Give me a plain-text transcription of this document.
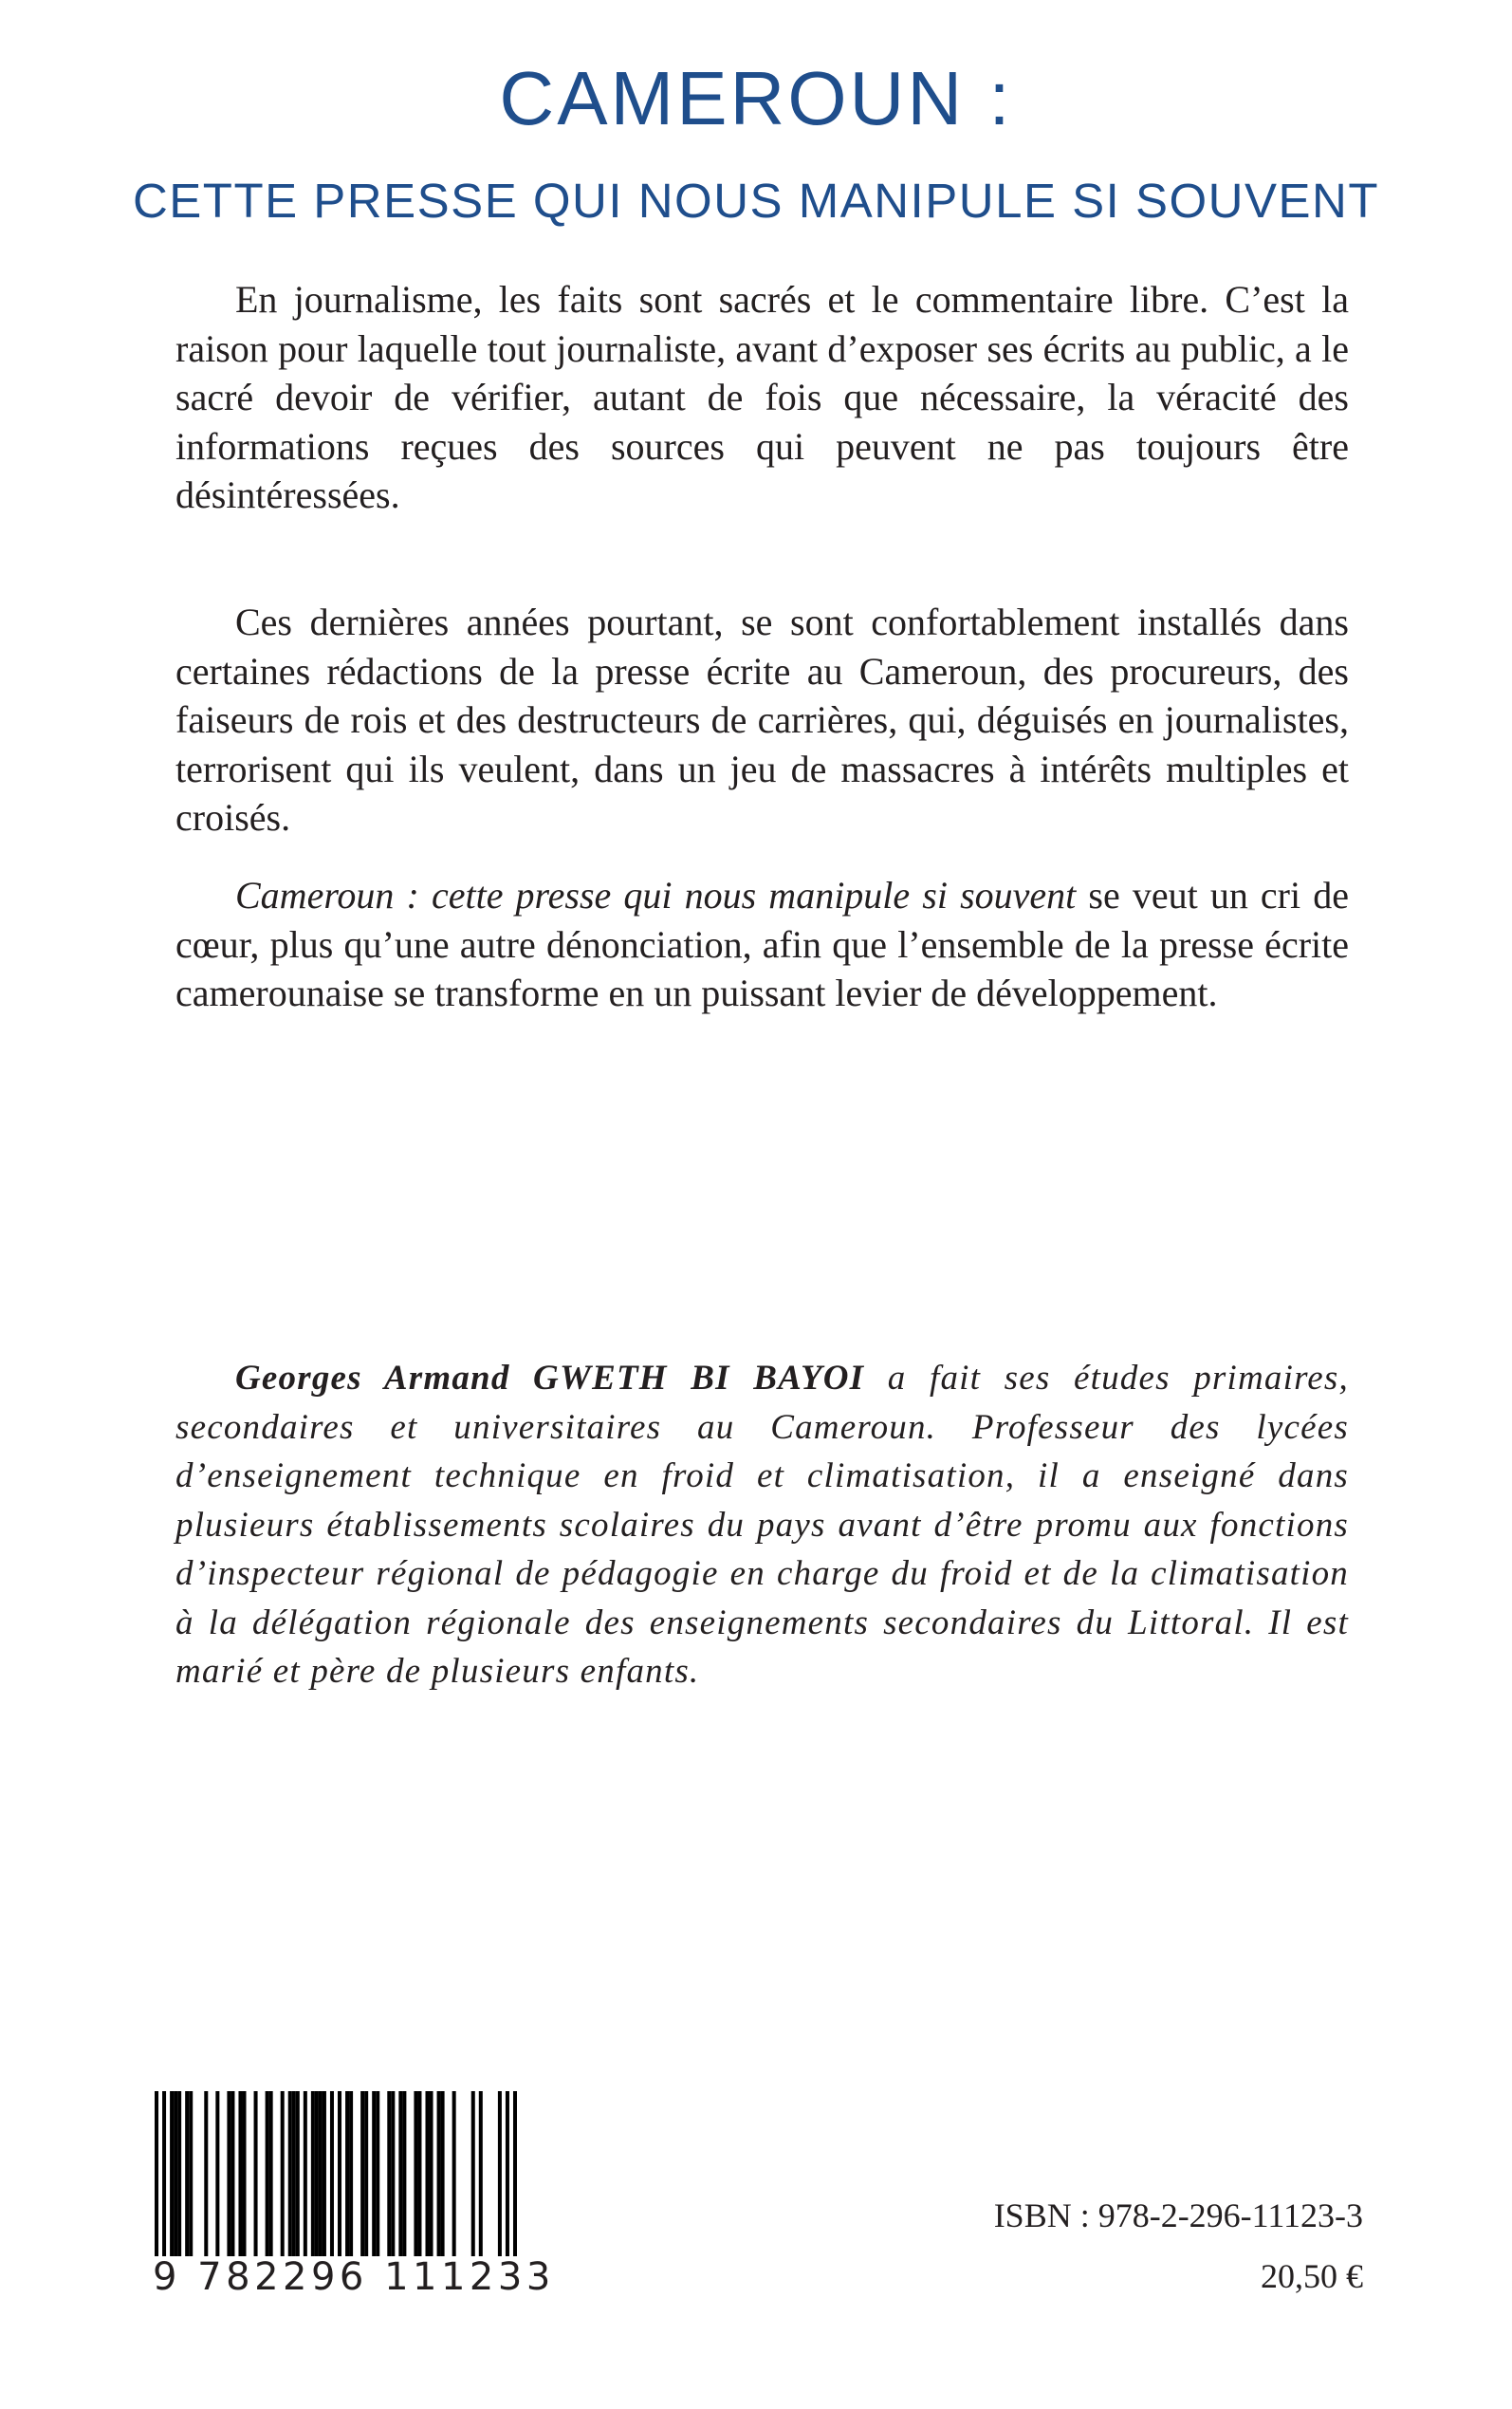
CAMEROUN :
CETTE PRESSE QUI NOUS MANIPULE SI SOUVENT

En journalisme, les faits sont sacrés et le commentaire libre. C’est la raison pour laquelle tout journaliste, avant d’exposer ses écrits au public, a le sacré devoir de vérifier, autant de fois que nécessaire, la véracité des informations reçues des sources qui peuvent ne pas toujours être désintéressées.

Ces dernières années pourtant, se sont confortablement installés dans certaines rédactions de la presse écrite au Cameroun, des procureurs, des faiseurs de rois et des destructeurs de carrières, qui, déguisés en journalistes, terrorisent qui ils veulent, dans un jeu de massacres à intérêts multiples et croisés.

Cameroun : cette presse qui nous manipule si souvent se veut un cri de cœur, plus qu’une autre dénonciation, afin que l’ensemble de la presse écrite camerounaise se transforme en un puissant levier de développement.

Georges Armand GWETH BI BAYOI a fait ses études primaires, secondaires et universitaires au Cameroun. Professeur des lycées d’enseignement technique en froid et climatisation, il a enseigné dans plusieurs établissements scolaires du pays avant d’être promu aux fonctions d’inspecteur régional de pédagogie en charge du froid et de la climatisation à la délégation régionale des enseignements secondaires du Littoral. Il est marié et père de plusieurs enfants.

9 782296 111233
ISBN : 978-2-296-11123-3
20,50 €
